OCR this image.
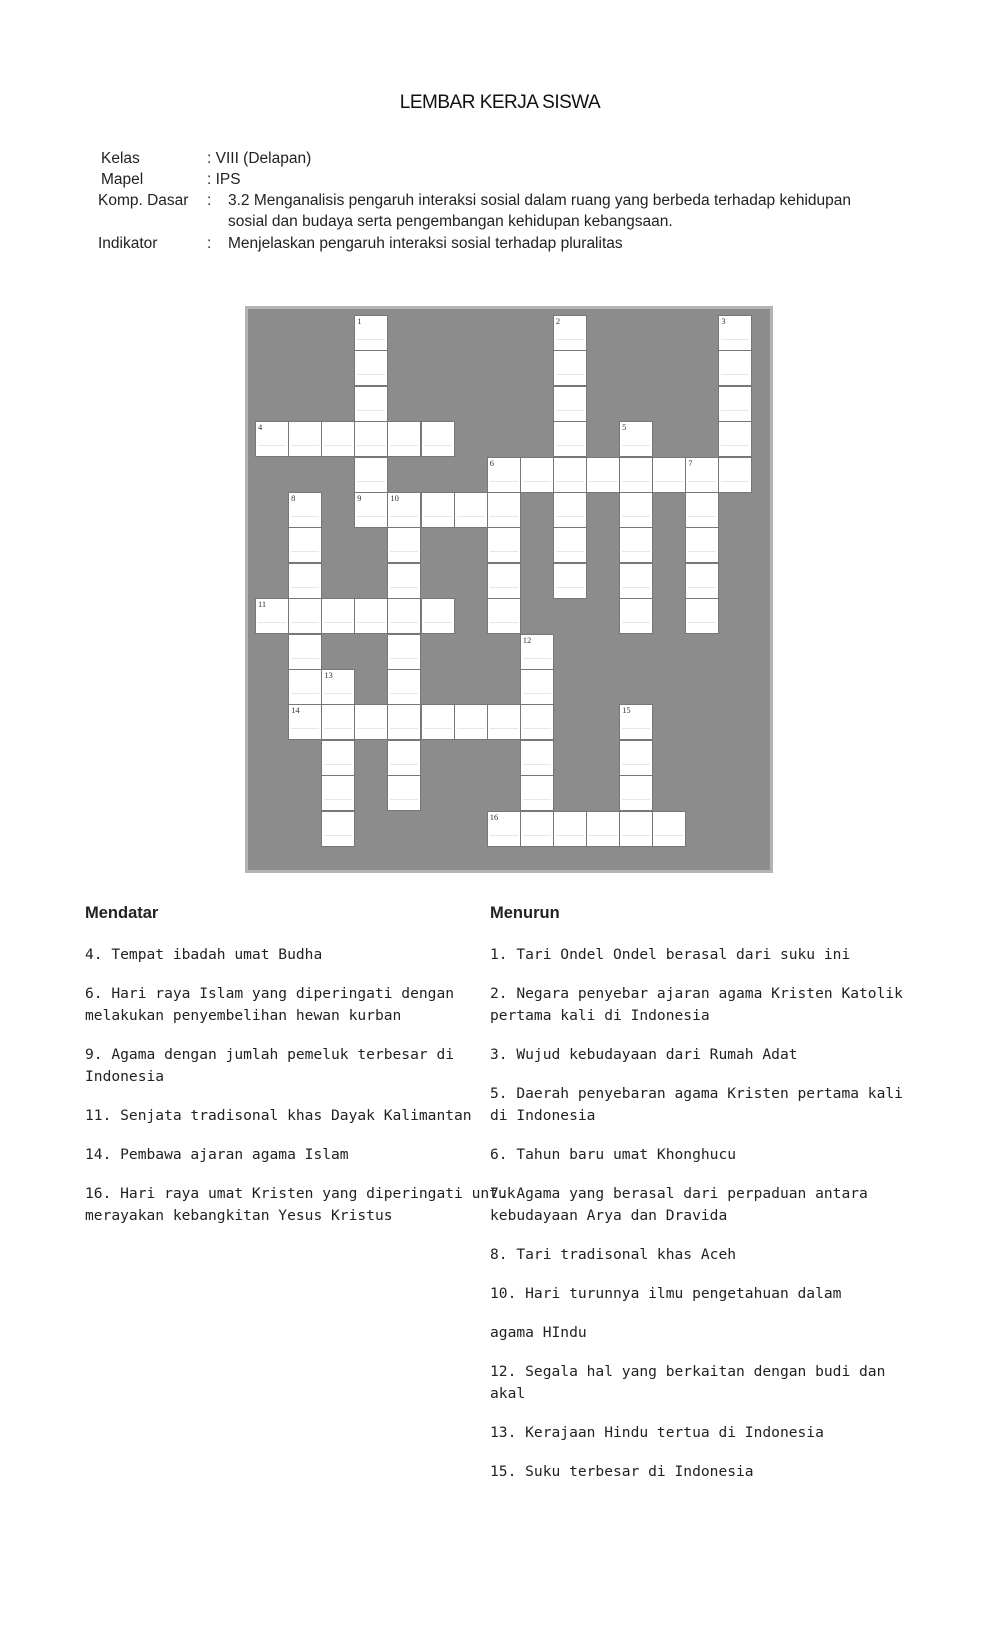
LEMBAR KERJA SISWA
Kelas	: VIII (Delapan)
Mapel	: IPS
Komp. Dasar : 3.2 Menganalisis pengaruh interaksi sosial dalam ruang yang berbeda terhadap kehidupan
sosial dan budaya serta pengembangan kehidupan kebangsaan.
Indikator	: Menjelaskan pengaruh interaksi sosial terhadap pluralitas
1
9
2	3
4	5
6	7
8	10
11
12
13
14	15
16
Mendatar
4. Tempat ibadah umat Budha
6. Hari raya Islam yang diperingati dengan melakukan penyembelihan hewan kurban
9. Agama dengan jumlah pemeluk terbesar di Indonesia
11. Senjata tradisonal khas Dayak Kalimantan
14. Pembawa ajaran agama Islam
16. Hari raya umat Kristen yang diperingati untuk merayakan kebangkitan Yesus Kristus
Menurun
1. Tari Ondel Ondel berasal dari suku ini
2. Negara penyebar ajaran agama Kristen Katolik pertama kali di Indonesia
3. Wujud kebudayaan dari Rumah Adat
5. Daerah penyebaran agama Kristen pertama kali di Indonesia
6. Tahun baru umat Khonghucu
7. Agama yang berasal dari perpaduan antara kebudayaan Arya dan Dravida
8. Tari tradisonal khas Aceh
10. Hari turunnya ilmu pengetahuan dalam
agama HIndu
12. Segala hal yang berkaitan dengan budi dan akal
13. Kerajaan Hindu tertua di Indonesia
15. Suku terbesar di Indonesia
